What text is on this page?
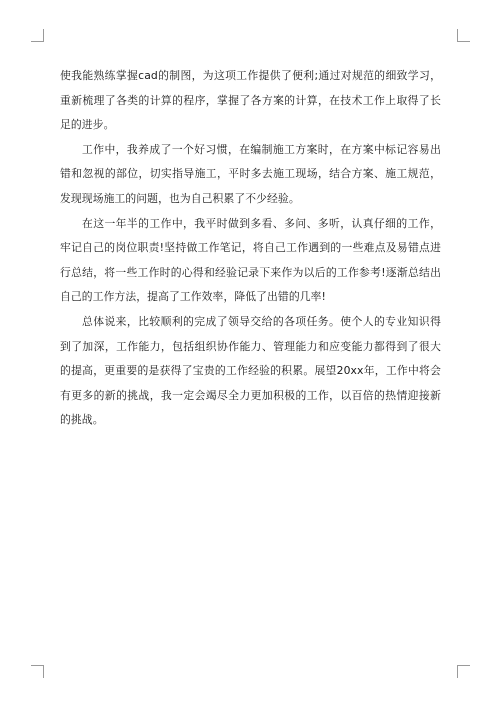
使我能熟练掌握cad的制图，为这项工作提供了便利;通过对规范的细致学习，重新梳理了各类的计算的程序，掌握了各方案的计算，在技术工作上取得了长足的进步。

工作中，我养成了一个好习惯，在编制施工方案时，在方案中标记容易出错和忽视的部位，切实指导施工，平时多去施工现场，结合方案、施工规范，发现现场施工的问题，也为自己积累了不少经验。

在这一年半的工作中，我平时做到多看、多问、多听，认真仔细的工作，牢记自己的岗位职责!坚持做工作笔记，将自己工作遇到的一些难点及易错点进行总结，将一些工作时的心得和经验记录下来作为以后的工作参考!逐渐总结出自己的工作方法，提高了工作效率，降低了出错的几率!

总体说来，比较顺利的完成了领导交给的各项任务。使个人的专业知识得到了加深，工作能力，包括组织协作能力、管理能力和应变能力都得到了很大的提高，更重要的是获得了宝贵的工作经验的积累。展望20xx年，工作中将会有更多的新的挑战，我一定会竭尽全力更加积极的工作，以百倍的热情迎接新的挑战。
